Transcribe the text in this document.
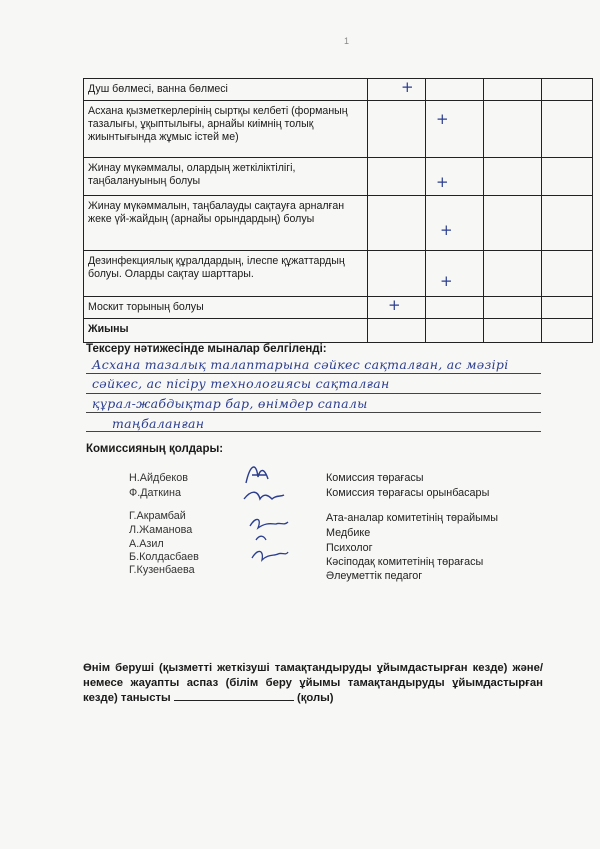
1
Душ бөлмесі, ванна бөлмесі	+			

Асхана қызметкерлерінің сыртқы келбеті (форманың тазалығы, ұқыптылығы, арнайы киімнің толық жиынтығында жұмыс істей ме)		+		

Жинау мүкәммалы, олардың жеткіліктілігі, таңбалануының болуы		+		

Жинау мүкәммалын, таңбалауды сақтауға арналған жеке үй-жайдың (арнайы орындардың) болуы		+		

Дезинфекциялық құралдардың, ілеспе құжаттардың болуы. Оларды сақтау шарттары.		+		

Москит торының болуы	+			

Жиыны				
Тексеру нәтижесінде мыналар белгіленді:
Асхана тазалық талаптарына сәйкес сақталған, ас мәзірі
сәйкес, ас пісіру технологиясы сақталған
құрал-жабдықтар бар, өнімдер сапалы
таңбаланған
Комиссияның қолдары:
Н.Айдбеков	Комиссия төрағасы
Ф.Даткина	Комиссия төрағасы орынбасары
Г.Акрамбай	Ата-аналар комитетінің төрайымы
Л.Жаманова	Медбике
А.Азил	Психолог
Б.Колдасбаев	Кәсіподақ комитетінің төрағасы
Г.Кузенбаева	Әлеуметтік педагог
Өнім беруші (қызметті жеткізуші тамақтандыруды ұйымдастырған кезде) және/немесе жауапты аспаз (білім беру ұйымы тамақтандыруды ұйымдастырған кезде) танысты	(қолы)
